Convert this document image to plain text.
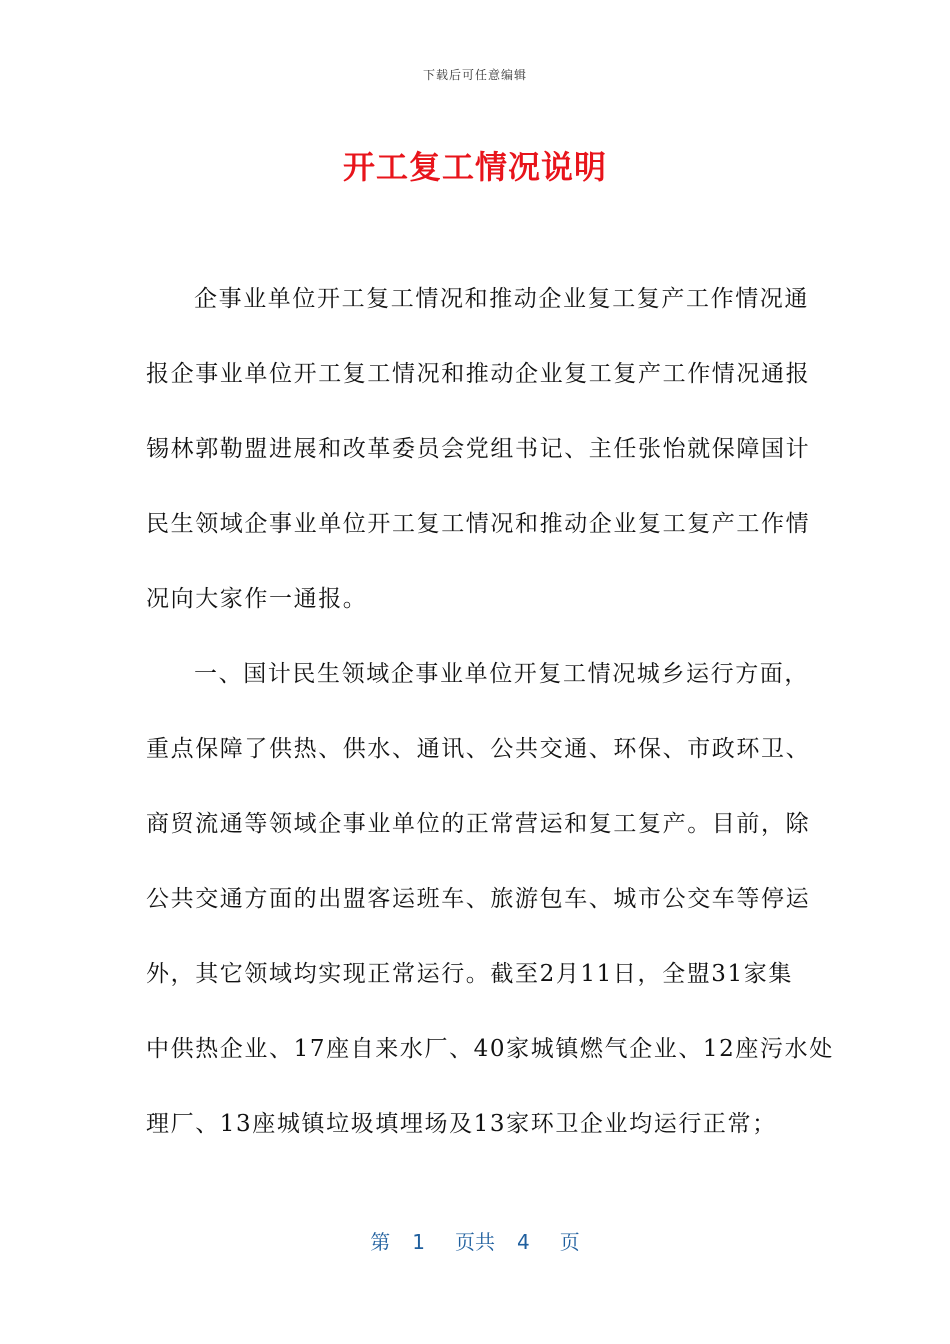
下载后可任意编辑
开工复工情况说明
企事业单位开工复工情况和推动企业复工复产工作情况通
报企事业单位开工复工情况和推动企业复工复产工作情况通报
锡林郭勒盟进展和改革委员会党组书记、主任张怡就保障国计
民生领域企事业单位开工复工情况和推动企业复工复产工作情
况向大家作一通报。
一、国计民生领域企事业单位开复工情况城乡运行方面，
重点保障了供热、供水、通讯、公共交通、环保、市政环卫、
商贸流通等领域企事业单位的正常营运和复工复产。目前，除
公共交通方面的出盟客运班车、旅游包车、城市公交车等停运
外，其它领域均实现正常运行。截至2月11日，全盟31家集
中供热企业、17座自来水厂、40家城镇燃气企业、12座污水处
理厂、13座城镇垃圾填埋场及13家环卫企业均运行正常；
第 1 页共 4 页
